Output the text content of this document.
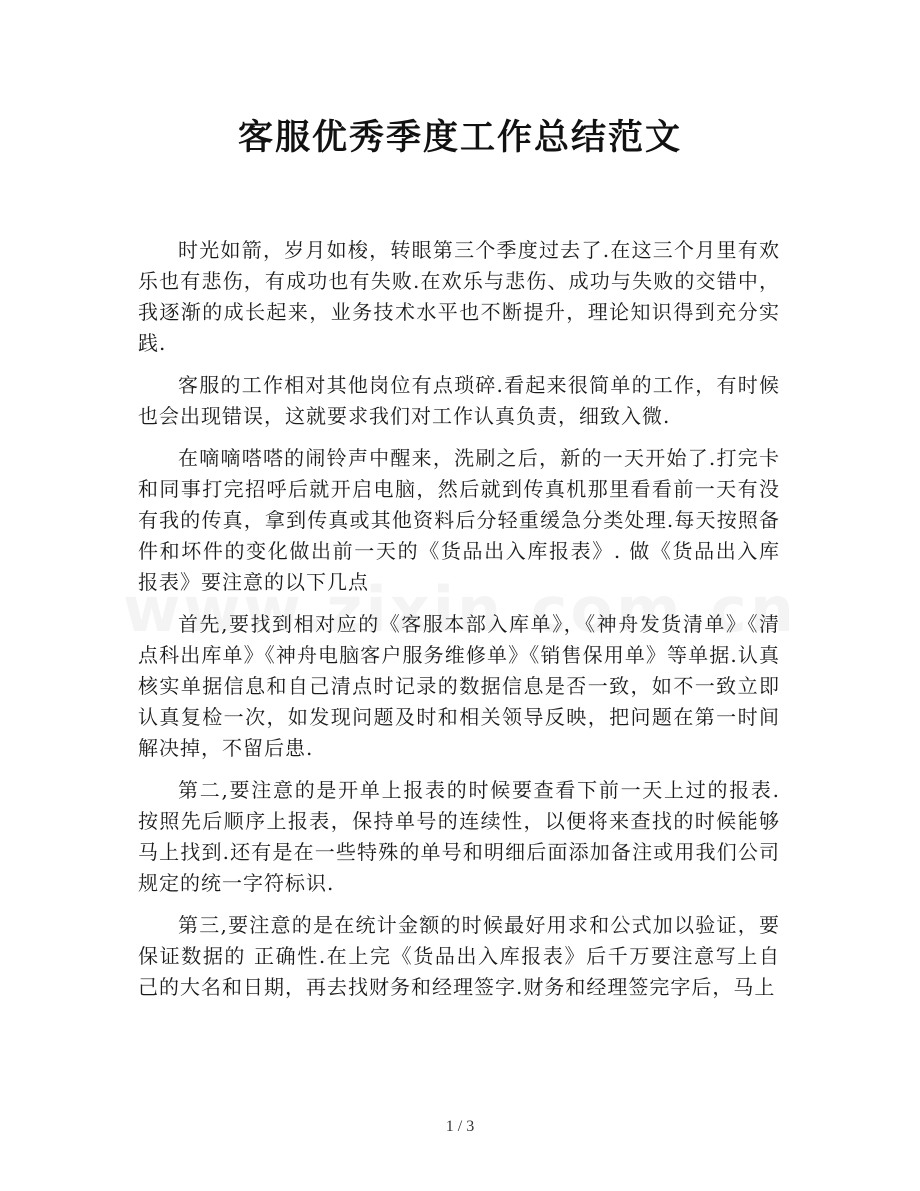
客服优秀季度工作总结范文

时光如箭，岁月如梭，转眼第三个季度过去了.在这三个月里有欢乐也有悲伤，有成功也有失败.在欢乐与悲伤、成功与失败的交错中，我逐渐的成长起来，业务技术水平也不断提升，理论知识得到充分实践.

客服的工作相对其他岗位有点琐碎.看起来很简单的工作，有时候也会出现错误，这就要求我们对工作认真负责，细致入微.

在嘀嘀嗒嗒的闹铃声中醒来，洗刷之后，新的一天开始了.打完卡和同事打完招呼后就开启电脑，然后就到传真机那里看看前一天有没有我的传真，拿到传真或其他资料后分轻重缓急分类处理.每天按照备件和坏件的变化做出前一天的《货品出入库报表》. 做《货品出入库报表》要注意的以下几点

首先,要找到相对应的《客服本部入库单》，《神舟发货清单》《清点科出库单》《神舟电脑客户服务维修单》《销售保用单》等单据.认真核实单据信息和自己清点时记录的数据信息是否一致，如不一致立即认真复检一次，如发现问题及时和相关领导反映，把问题在第一时间解决掉，不留后患.

第二,要注意的是开单上报表的时候要查看下前一天上过的报表.按照先后顺序上报表，保持单号的连续性，以便将来查找的时候能够马上找到.还有是在一些特殊的单号和明细后面添加备注或用我们公司规定的统一字符标识.

第三,要注意的是在统计金额的时候最好用求和公式加以验证，要保证数据的 正确性.在上完《货品出入库报表》后千万要注意写上自己的大名和日期，再去找财务和经理签字.财务和经理签完字后，马上

1 / 3
